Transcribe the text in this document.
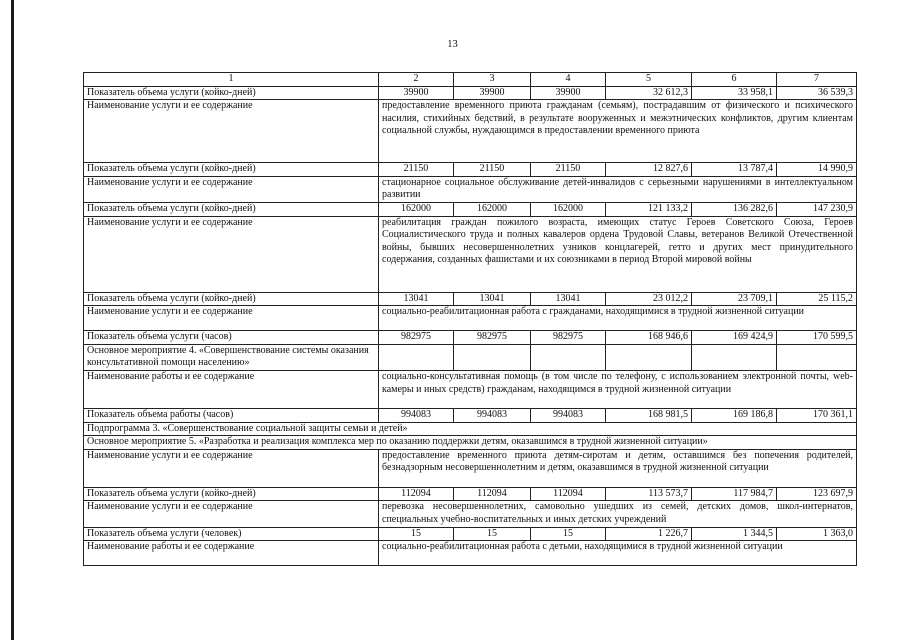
13
1	2	3	4	5	6	7
Показатель объема услуги (койко-дней)	39900	39900	39900	32 612,3	33 958,1	36 539,3
Наименование услуги и ее содержание	предоставление временного приюта гражданам (семьям), пострадавшим от физического и психического насилия, стихийных бедствий, в результате вооруженных и межэтнических конфликтов, другим клиентам социальной службы, нуждающимся в предоставлении временного приюта					
Показатель объема услуги (койко-дней)	21150	21150	21150	12 827,6	13 787,4	14 990,9
Наименование услуги и ее содержание	стационарное социальное обслуживание детей-инвалидов с серьезными нарушениями в интеллектуальном развитии					
Показатель объема услуги (койко-дней)	162000	162000	162000	121 133,2	136 282,6	147 230,9
Наименование услуги и ее содержание	реабилитация граждан пожилого возраста, имеющих статус Героев Советского Союза, Героев Социалистического труда и полных кавалеров ордена Трудовой Славы, ветеранов Великой Отечественной войны, бывших несовершеннолетних узников концлагерей, гетто и других мест принудительного содержания, созданных фашистами и их союзниками в период Второй мировой войны					
Показатель объема услуги (койко-дней)	13041	13041	13041	23 012,2	23 709,1	25 115,2
Наименование услуги и ее содержание	социально-реабилитационная работа с гражданами, находящимися в трудной жизненной ситуации					
Показатель объема услуги (часов)	982975	982975	982975	168 946,6	169 424,9	170 599,5
Основное мероприятие 4. «Совершенствование системы оказания консультативной помощи населению»						
Наименование работы и ее содержание	социально-консультативная помощь (в том числе по телефону, с использованием электронной почты, web-камеры и иных средств) гражданам, находящимся в трудной жизненной ситуации					
Показатель объема работы (часов)	994083	994083	994083	168 981,5	169 186,8	170 361,1
Подпрограмма 3. «Совершенствование социальной защиты семьи и детей»						
Основное мероприятие 5. «Разработка и реализация комплекса мер по оказанию поддержки детям, оказавшимся в трудной жизненной ситуации»						
Наименование услуги и ее содержание	предоставление временного приюта детям-сиротам и детям, оставшимся без попечения родителей, безнадзорным несовершеннолетним и детям, оказавшимся в трудной жизненной ситуации					
Показатель объема услуги (койко-дней)	112094	112094	112094	113 573,7	117 984,7	123 697,9
Наименование услуги и ее содержание	перевозка несовершеннолетних, самовольно ушедших из семей, детских домов, школ-интернатов, специальных учебно-воспитательных и иных детских учреждений					
Показатель объема услуги (человек)	15	15	15	1 226,7	1 344,5	1 363,0
Наименование работы и ее содержание	социально-реабилитационная работа с детьми, находящимися в трудной жизненной ситуации					
